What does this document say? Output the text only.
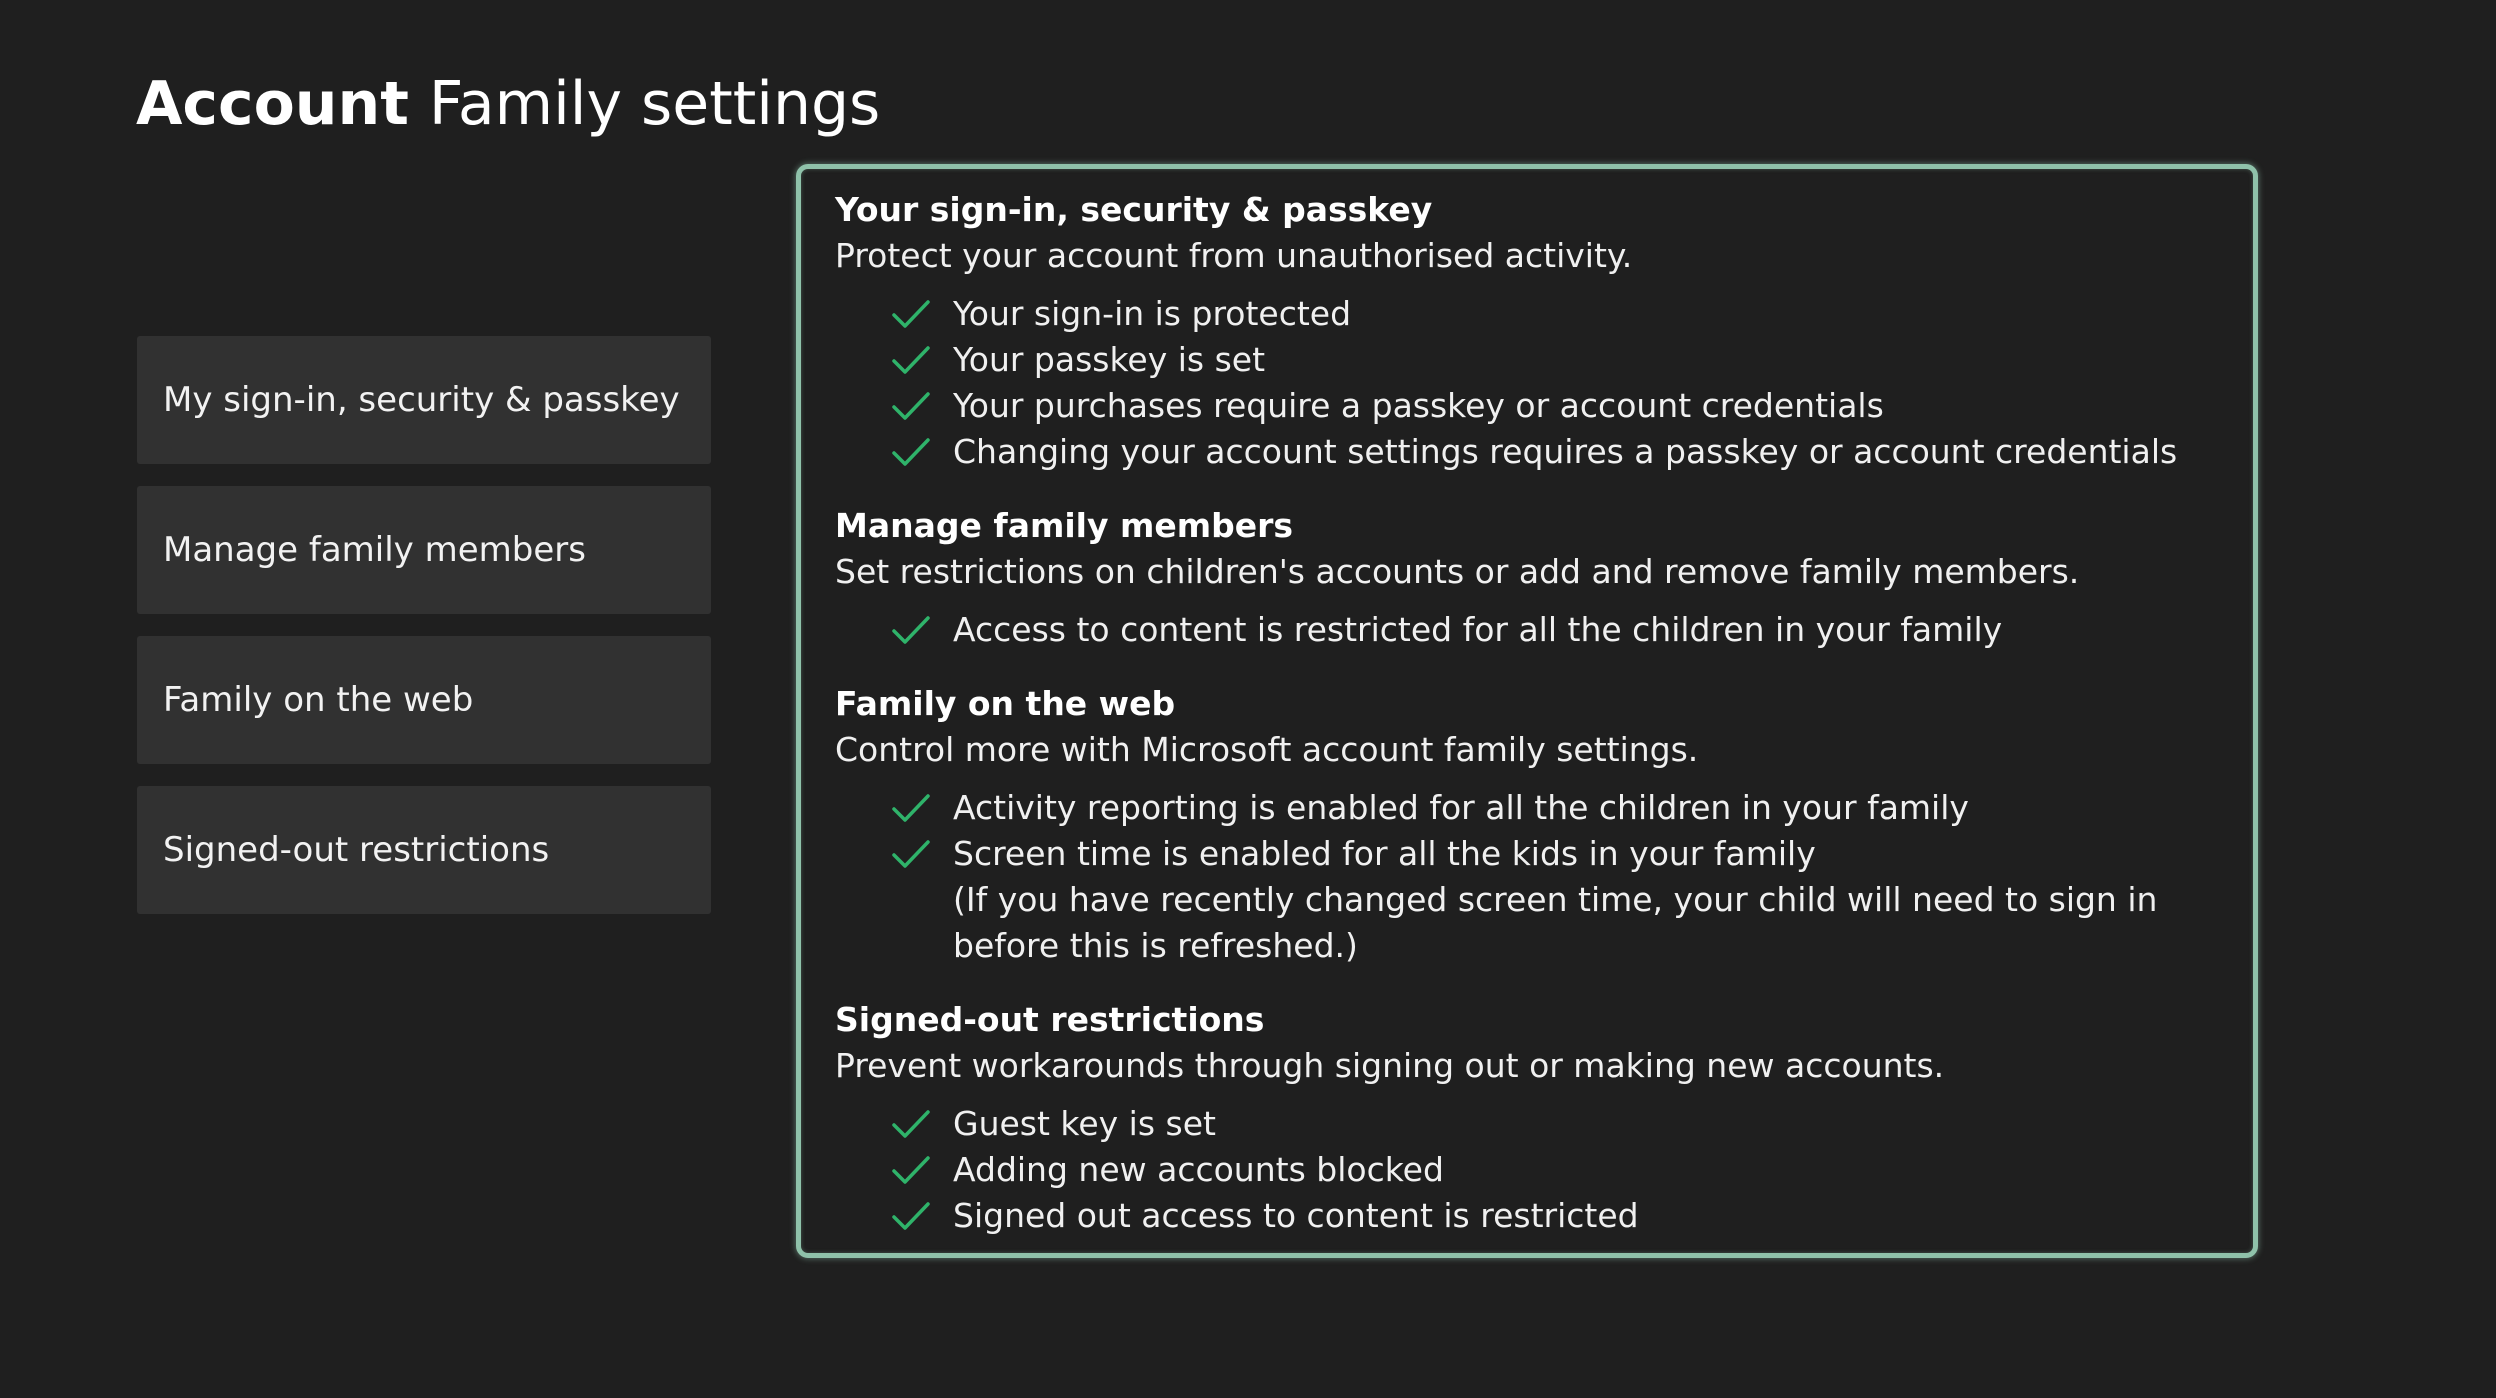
Account Family settings
My sign-in, security & passkey
Manage family members
Family on the web
Signed-out restrictions
Your sign-in, security & passkey

Protect your account from unauthorised activity.

Your sign-in is protected
Your passkey is set
Your purchases require a passkey or account credentials
Changing your account settings requires a passkey or account credentials
Manage family members

Set restrictions on children's accounts or add and remove family members.

Access to content is restricted for all the children in your family
Family on the web

Control more with Microsoft account family settings.

Activity reporting is enabled for all the children in your family
Screen time is enabled for all the kids in your family
(If you have recently changed screen time, your child will need to sign in before this is refreshed.)
Signed-out restrictions

Prevent workarounds through signing out or making new accounts.

Guest key is set
Adding new accounts blocked
Signed out access to content is restricted
